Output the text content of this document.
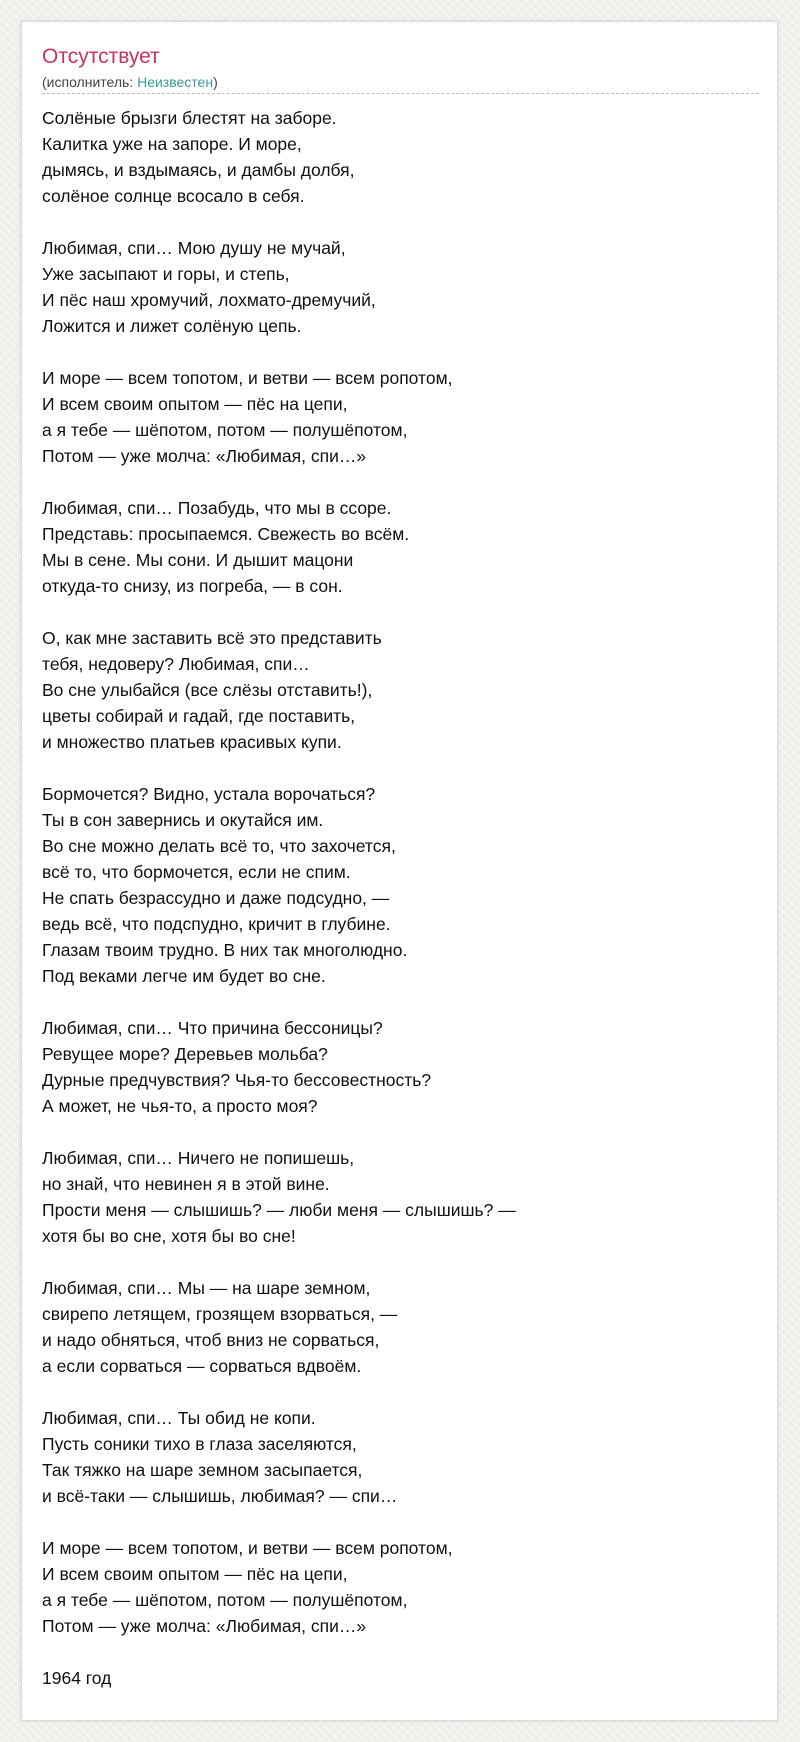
Отсутствует
(исполнитель: Неизвестен)
Солёные брызги блестят на заборе.
Калитка уже на запоре. И море,
дымясь, и вздымаясь, и дамбы долбя,
солёное солнце всосало в себя.
Любимая, спи… Мою душу не мучай,
Уже засыпают и горы, и степь,
И пёс наш хромучий, лохмато-дремучий,
Ложится и лижет солёную цепь.
И море — всем топотом, и ветви — всем ропотом,
И всем своим опытом — пёс на цепи,
а я тебе — шёпотом, потом — полушёпотом,
Потом — уже молча: «Любимая, спи…»
Любимая, спи… Позабудь, что мы в ссоре.
Представь: просыпаемся. Свежесть во всём.
Мы в сене. Мы сони. И дышит мацони
откуда-то снизу, из погреба, — в сон.
О, как мне заставить всё это представить
тебя, недоверу? Любимая, спи…
Во сне улыбайся (все слёзы отставить!),
цветы собирай и гадай, где поставить,
и множество платьев красивых купи.
Бормочется? Видно, устала ворочаться?
Ты в сон завернись и окутайся им.
Во сне можно делать всё то, что захочется,
всё то, что бормочется, если не спим.
Не спать безрассудно и даже подсудно, —
ведь всё, что подспудно, кричит в глубине.
Глазам твоим трудно. В них так многолюдно.
Под веками легче им будет во сне.
Любимая, спи… Что причина бессоницы?
Ревущее море? Деревьев мольба?
Дурные предчувствия? Чья-то бессовестность?
А может, не чья-то, а просто моя?
Любимая, спи… Ничего не попишешь,
но знай, что невинен я в этой вине.
Прости меня — слышишь? — люби меня — слышишь? —
хотя бы во сне, хотя бы во сне!
Любимая, спи… Мы — на шаре земном,
свирепо летящем, грозящем взорваться, —
и надо обняться, чтоб вниз не сорваться,
а если сорваться — сорваться вдвоём.
Любимая, спи… Ты обид не копи.
Пусть соники тихо в глаза заселяются,
Так тяжко на шаре земном засыпается,
и всё-таки — слышишь, любимая? — спи…
И море — всем топотом, и ветви — всем ропотом,
И всем своим опытом — пёс на цепи,
а я тебе — шёпотом, потом — полушёпотом,
Потом — уже молча: «Любимая, спи…»
1964 год
